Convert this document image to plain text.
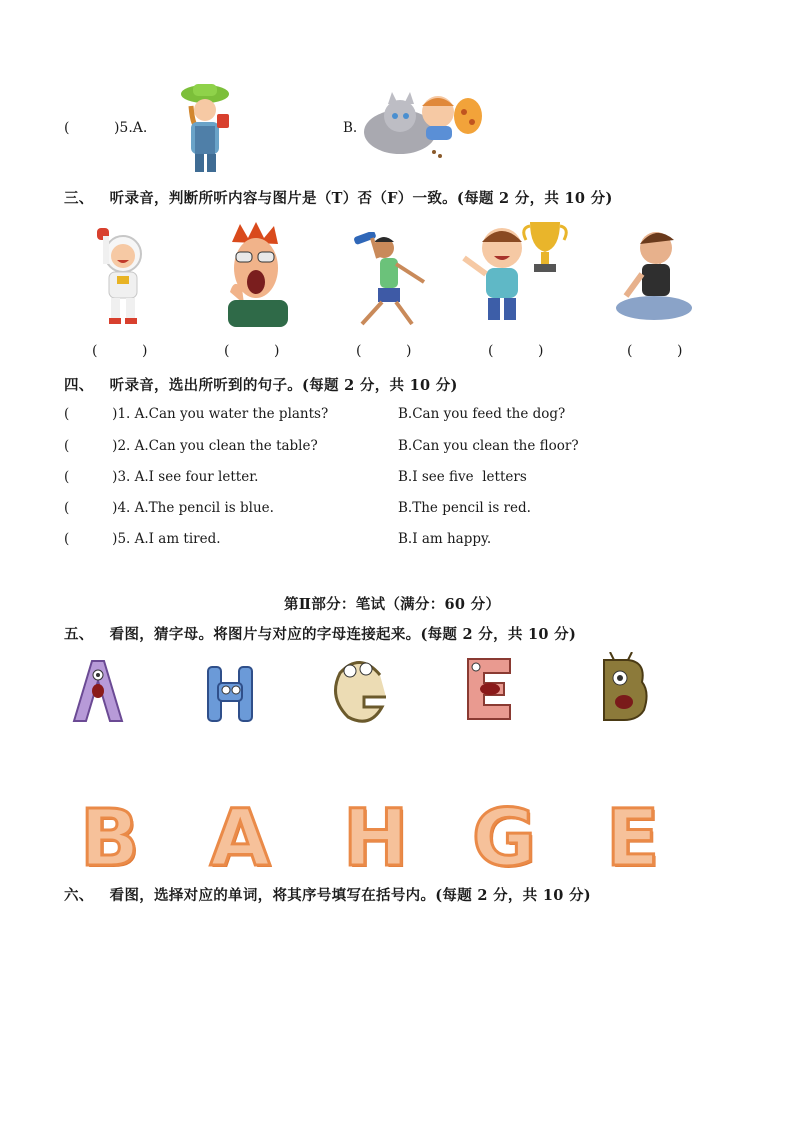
(          )5.A.	B.
三、   听录音，判断所听内容与图片是（T）否（F）一致。(每题 2 分，共 10 分)
(          )	(          )	(          )	(          )	(          )
四、   听录音，选出所听到的句子。(每题 2 分，共 10 分)
(          )1. A.Can you water the plants?	B.Can you feed the dog?
(          )2. A.Can you clean the table?	B.Can you clean the floor?
(          )3. A.I see four letter.	B.I see five  letters
(          )4. A.The pencil is blue.	B.The pencil is red.
(          )5. A.I am tired.	B.I am happy.
第Ⅱ部分：笔试（满分：60 分）
五、   看图，猜字母。将图片与对应的字母连接起来。(每题 2 分，共 10 分)
A
H
B A H G E
六、   看图，选择对应的单词，将其序号填写在括号内。(每题 2 分，共 10 分)
